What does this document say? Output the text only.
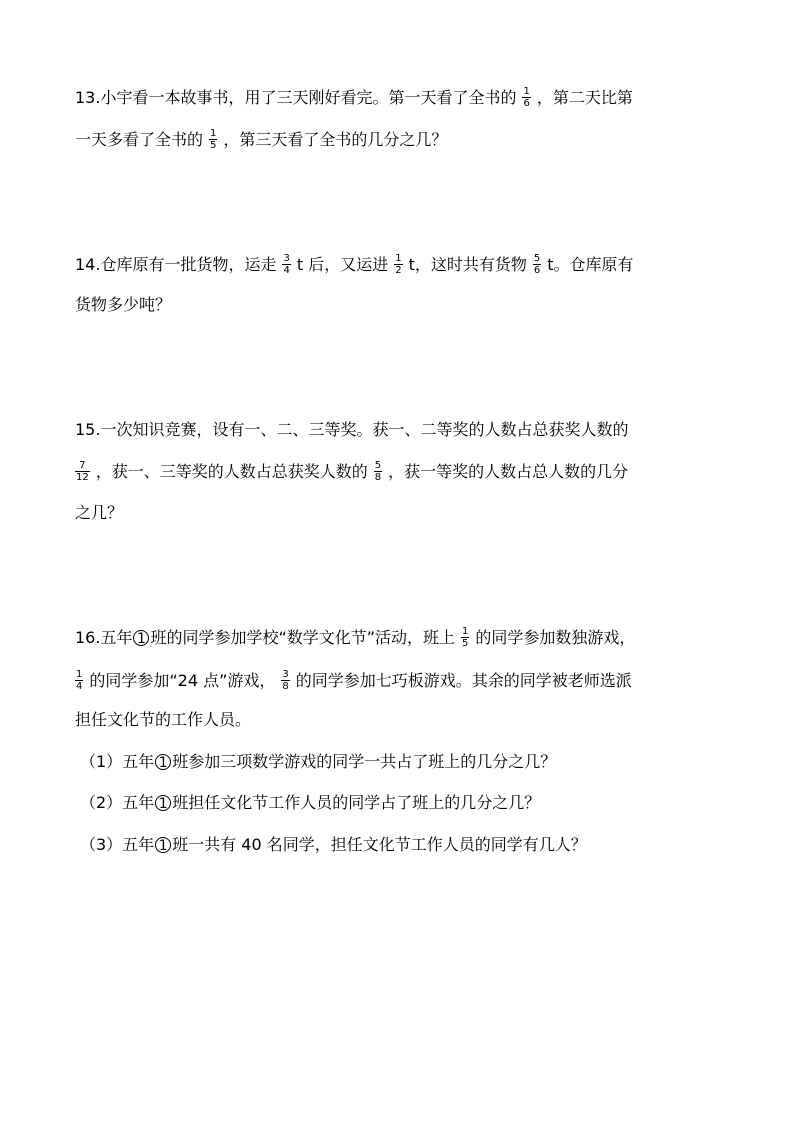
13.小宇看一本故事书，用了三天刚好看完。第一天看了全书的 $\frac{1}{6}$ ，第二天比第
一天多看了全书的 $\frac{1}{5}$ ，第三天看了全书的几分之几？
14.仓库原有一批货物，运走 $\frac{3}{4}$ t 后，又运进 $\frac{1}{2}$ t，这时共有货物 $\frac{5}{6}$ t。仓库原有
货物多少吨？
15.一次知识竞赛，设有一、二、三等奖。获一、二等奖的人数占总获奖人数的
$\frac{7}{12}$ ，获一、三等奖的人数占总获奖人数的 $\frac{5}{8}$ ，获一等奖的人数占总人数的几分
之几？
16.五年 1 班的同学参加学校“数学文化节”活动，班上 $\frac{1}{5}$ 的同学参加数独游戏，
$\frac{1}{4}$ 的同学参加“24 点”游戏， $\frac{3}{8}$ 的同学参加七巧板游戏。其余的同学被老师选派
担任文化节的工作人员。
（1）五年 1 班参加三项数学游戏的同学一共占了班上的几分之几？
（2）五年 1 班担任文化节工作人员的同学占了班上的几分之几？
（3）五年 1 班一共有 40 名同学，担任文化节工作人员的同学有几人？
